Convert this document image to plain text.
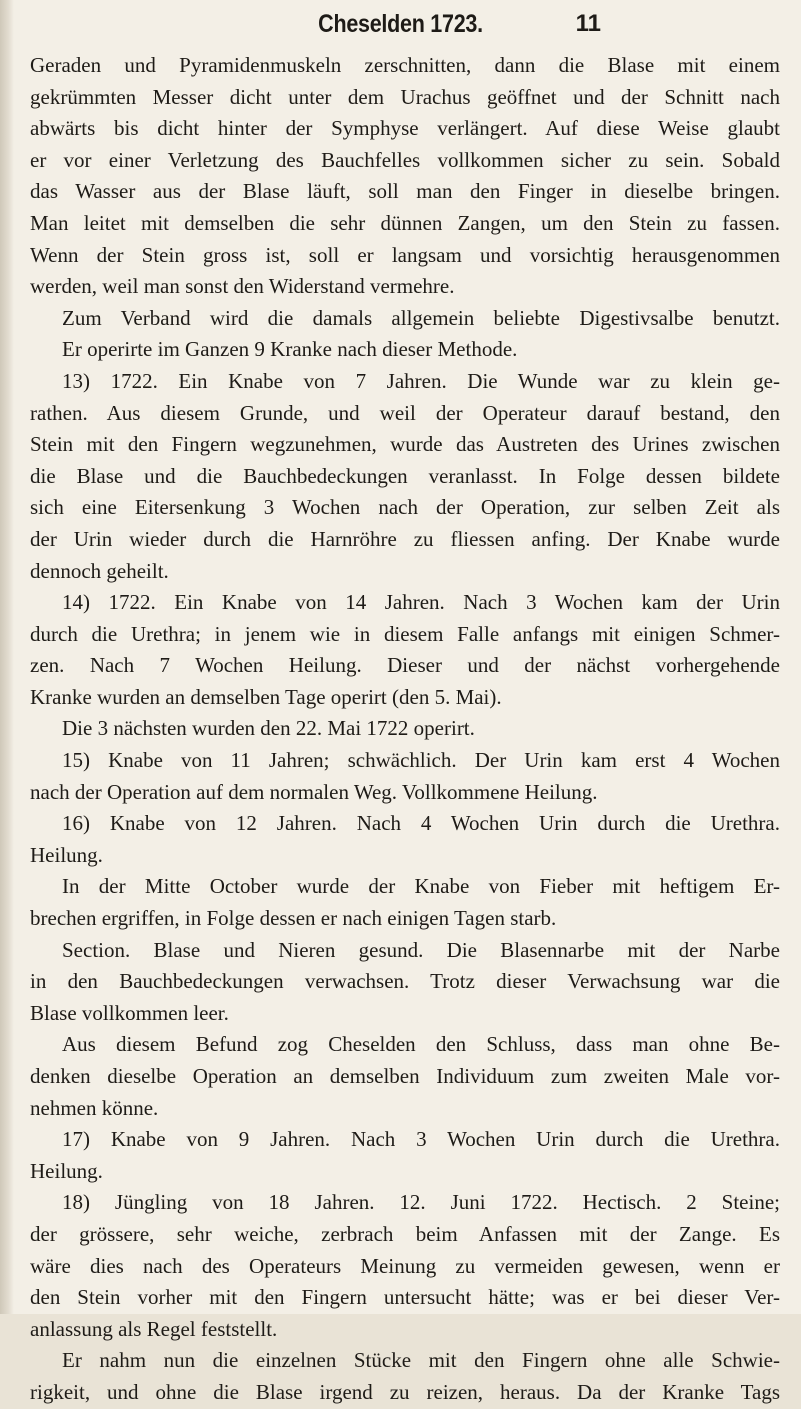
Cheselden 1723.	11
Geraden und Pyramidenmuskeln zerschnitten, dann die Blase mit einem
gekrümmten Messer dicht unter dem Urachus geöffnet und der Schnitt nach
abwärts bis dicht hinter der Symphyse verlängert. Auf diese Weise glaubt
er vor einer Verletzung des Bauchfelles vollkommen sicher zu sein. Sobald
das Wasser aus der Blase läuft, soll man den Finger in dieselbe bringen.
Man leitet mit demselben die sehr dünnen Zangen, um den Stein zu fassen.
Wenn der Stein gross ist, soll er langsam und vorsichtig herausgenommen
werden, weil man sonst den Widerstand vermehre.
Zum Verband wird die damals allgemein beliebte Digestivsalbe benutzt.
Er operirte im Ganzen 9 Kranke nach dieser Methode.
13) 1722. Ein Knabe von 7 Jahren. Die Wunde war zu klein ge-
rathen. Aus diesem Grunde, und weil der Operateur darauf bestand, den
Stein mit den Fingern wegzunehmen, wurde das Austreten des Urines zwischen
die Blase und die Bauchbedeckungen veranlasst. In Folge dessen bildete
sich eine Eitersenkung 3 Wochen nach der Operation, zur selben Zeit als
der Urin wieder durch die Harnröhre zu fliessen anfing. Der Knabe wurde
dennoch geheilt.
14) 1722. Ein Knabe von 14 Jahren. Nach 3 Wochen kam der Urin
durch die Urethra; in jenem wie in diesem Falle anfangs mit einigen Schmer-
zen. Nach 7 Wochen Heilung. Dieser und der nächst vorhergehende
Kranke wurden an demselben Tage operirt (den 5. Mai).
Die 3 nächsten wurden den 22. Mai 1722 operirt.
15) Knabe von 11 Jahren; schwächlich. Der Urin kam erst 4 Wochen
nach der Operation auf dem normalen Weg. Vollkommene Heilung.
16) Knabe von 12 Jahren. Nach 4 Wochen Urin durch die Urethra.
Heilung.
In der Mitte October wurde der Knabe von Fieber mit heftigem Er-
brechen ergriffen, in Folge dessen er nach einigen Tagen starb.
Section. Blase und Nieren gesund. Die Blasennarbe mit der Narbe
in den Bauchbedeckungen verwachsen. Trotz dieser Verwachsung war die
Blase vollkommen leer.
Aus diesem Befund zog Cheselden den Schluss, dass man ohne Be-
denken dieselbe Operation an demselben Individuum zum zweiten Male vor-
nehmen könne.
17) Knabe von 9 Jahren. Nach 3 Wochen Urin durch die Urethra.
Heilung.
18) Jüngling von 18 Jahren. 12. Juni 1722. Hectisch. 2 Steine;
der grössere, sehr weiche, zerbrach beim Anfassen mit der Zange. Es
wäre dies nach des Operateurs Meinung zu vermeiden gewesen, wenn er
den Stein vorher mit den Fingern untersucht hätte; was er bei dieser Ver-
anlassung als Regel feststellt.
Er nahm nun die einzelnen Stücke mit den Fingern ohne alle Schwie-
rigkeit, und ohne die Blase irgend zu reizen, heraus. Da der Kranke Tags
